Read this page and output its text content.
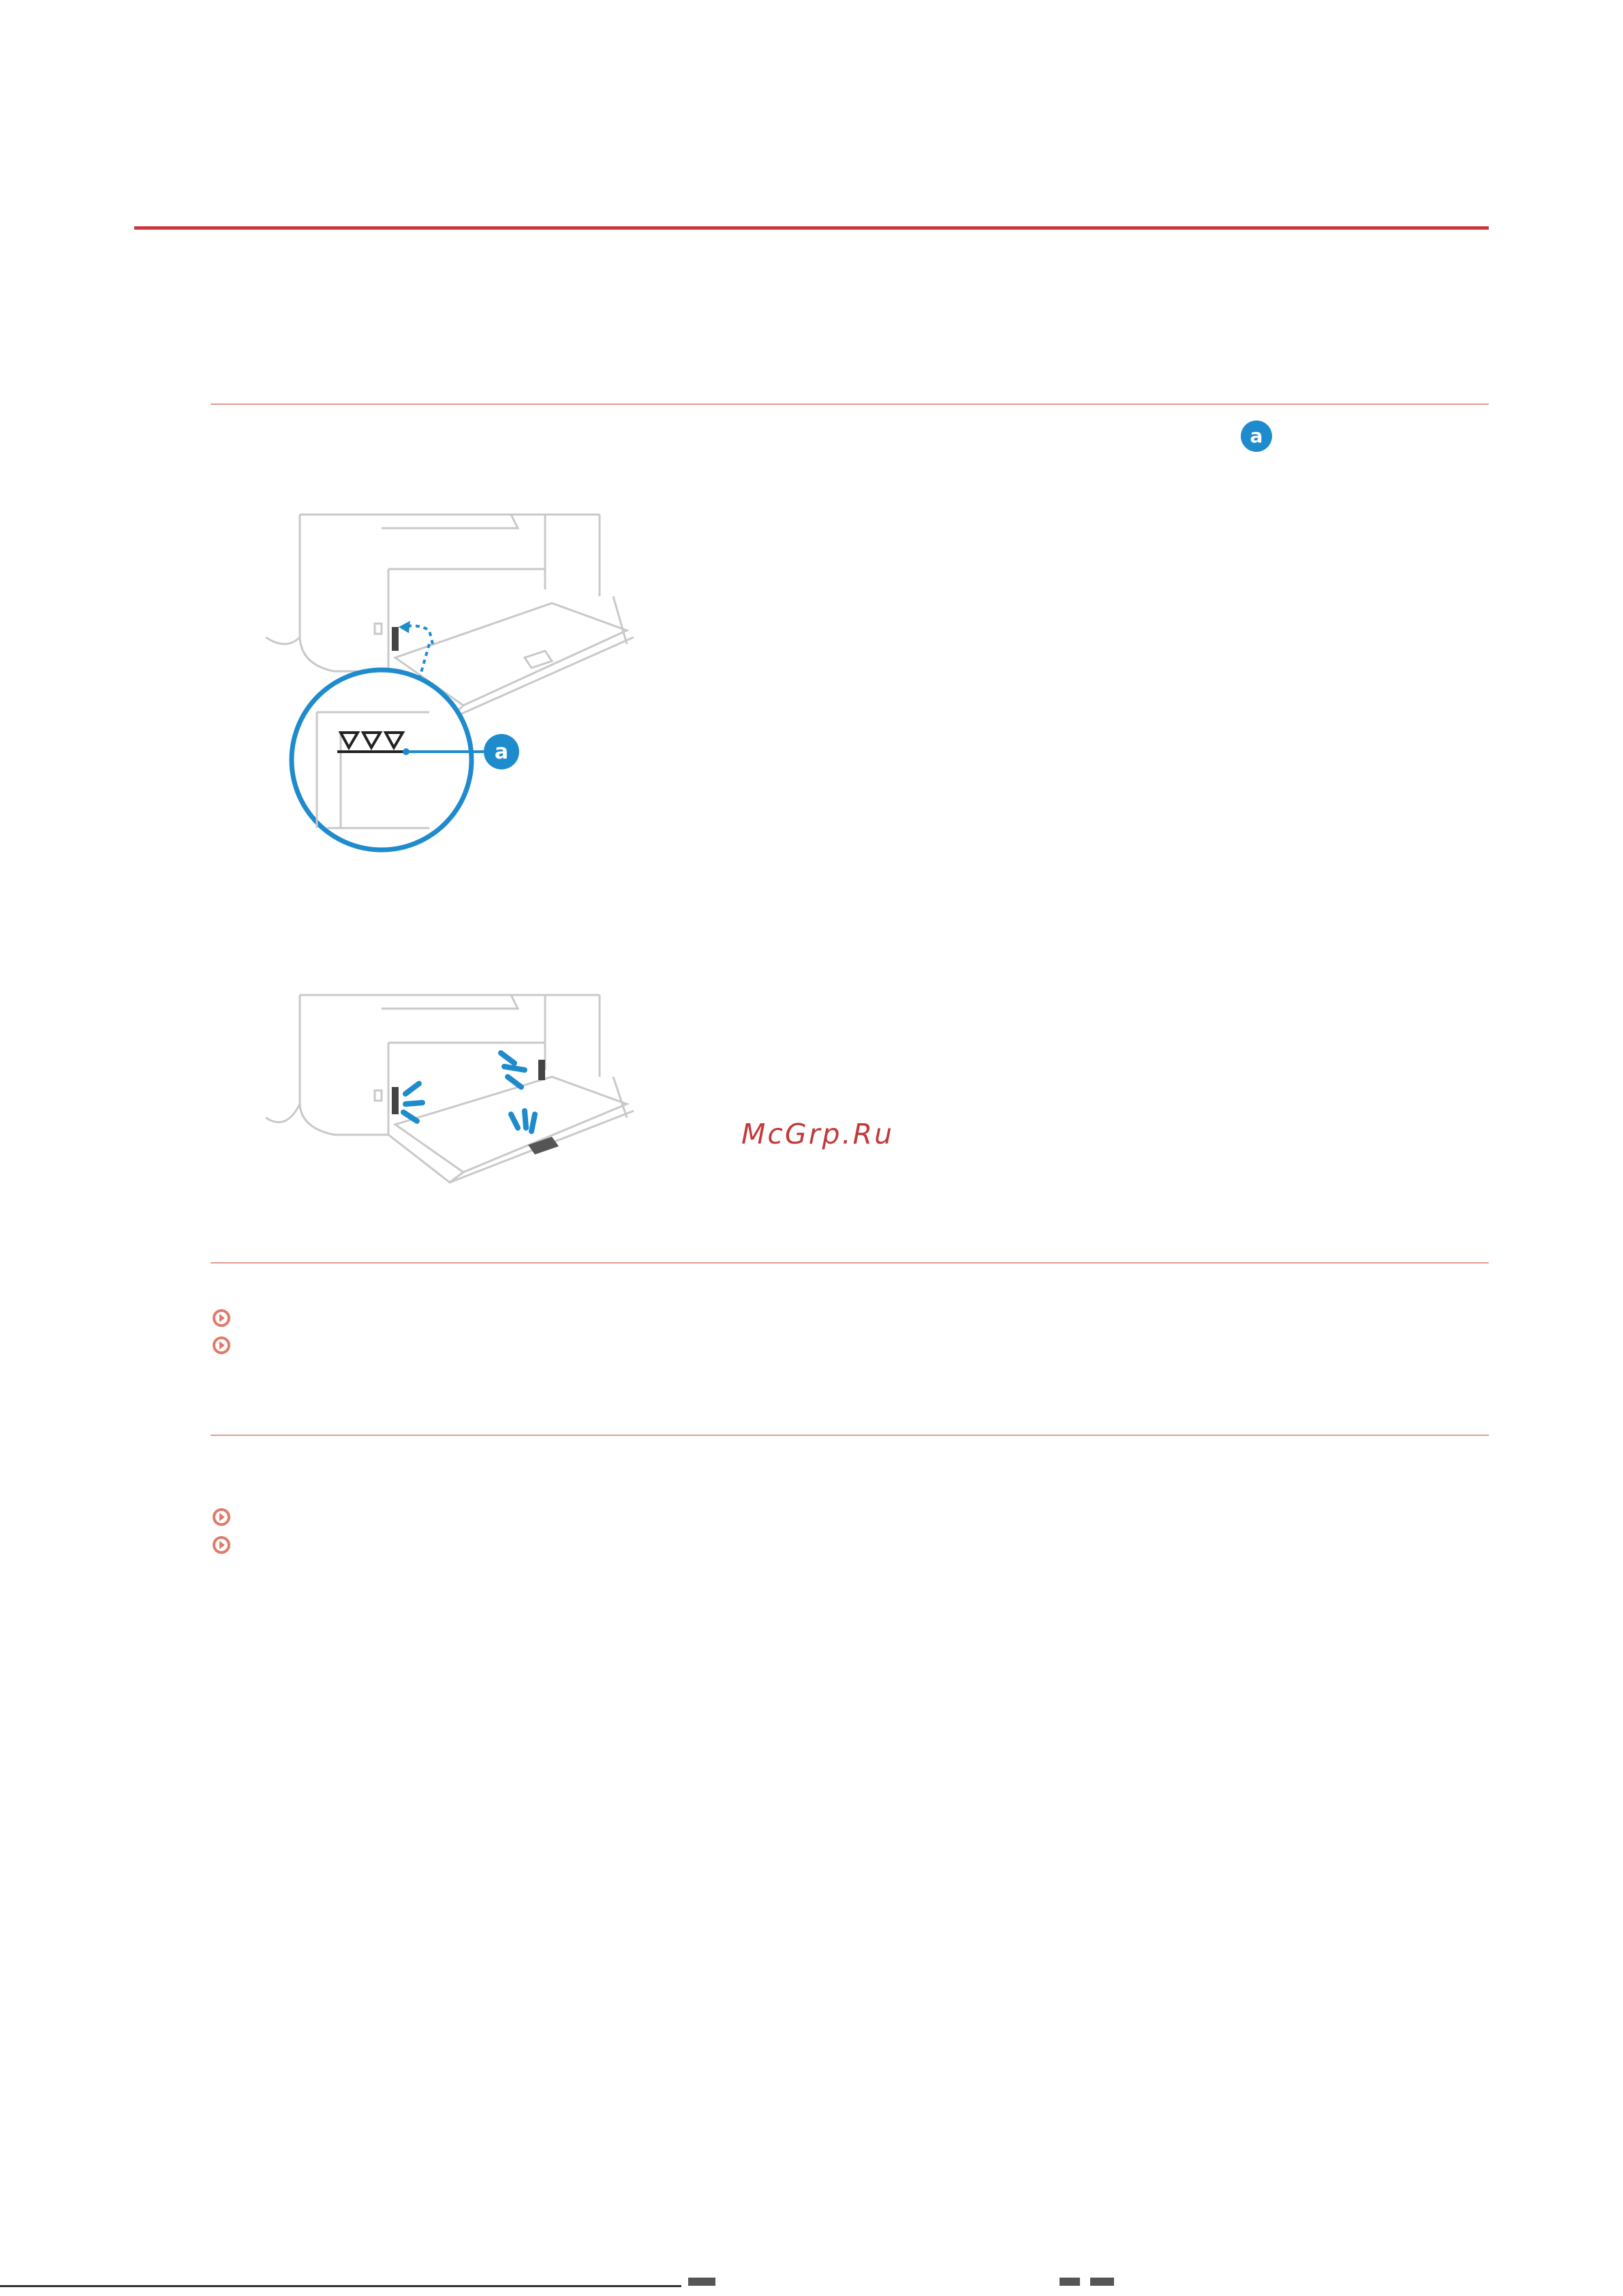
a
a
McGrp.Ru
